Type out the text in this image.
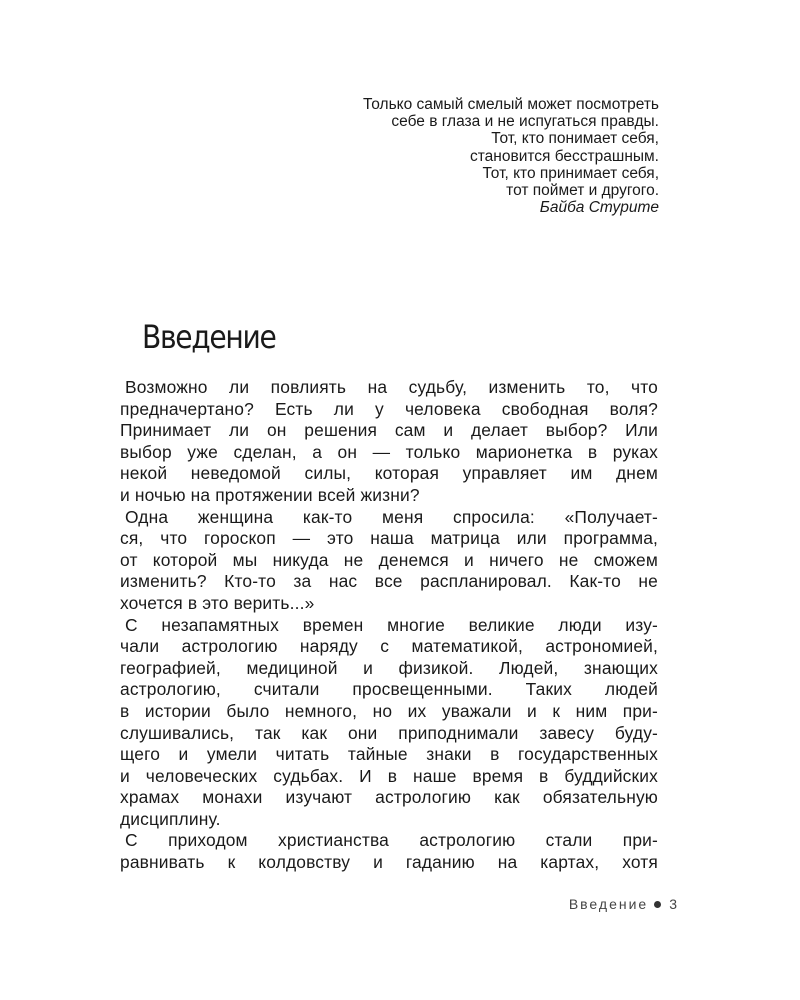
Только самый смелый может посмотреть
себе в глаза и не испугаться правды.
Тот, кто понимает себя,
становится бесстрашным.
Тот, кто принимает себя,
тот поймет и другого.
Байба Стурите
Введение
Возможно ли повлиять на судьбу, изменить то, что
предначертано? Есть ли у человека свободная воля?
Принимает ли он решения сам и делает выбор? Или
выбор уже сделан, а он — только марионетка в руках
некой неведомой силы, которая управляет им днем
и ночью на протяжении всей жизни?
Одна женщина как-то меня спросила: «Получает-
ся, что гороскоп — это наша матрица или программа,
от которой мы никуда не денемся и ничего не сможем
изменить? Кто-то за нас все распланировал. Как-то не
хочется в это верить...»
С незапамятных времен многие великие люди изу-
чали астрологию наряду с математикой, астрономией,
географией, медициной и физикой. Людей, знающих
астрологию, считали просвещенными. Таких людей
в истории было немного, но их уважали и к ним при-
слушивались, так как они приподнимали завесу буду-
щего и умели читать тайные знаки в государственных
и человеческих судьбах. И в наше время в буддийских
храмах монахи изучают астрологию как обязательную
дисциплину.
С приходом христианства астрологию стали при-
равнивать к колдовству и гаданию на картах, хотя
Введение 3
